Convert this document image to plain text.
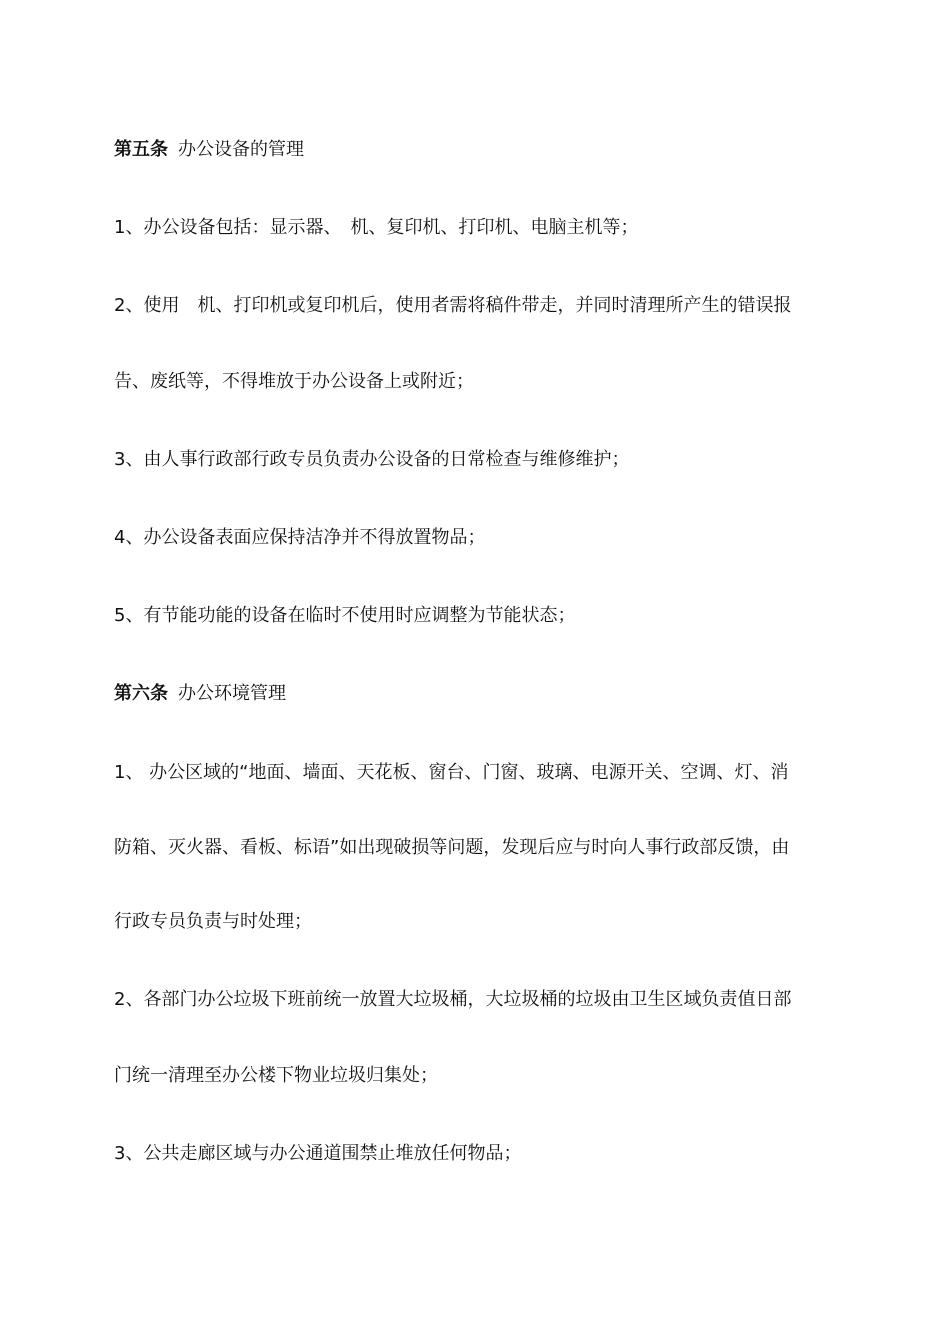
第五条 办公设备的管理
1、办公设备包括：显示器、　机、复印机、打印机、电脑主机等；
2、使用　机、打印机或复印机后，使用者需将稿件带走，并同时清理所产生的错误报
告、废纸等，不得堆放于办公设备上或附近；
3、由人事行政部行政专员负责办公设备的日常检查与维修维护；
4、办公设备表面应保持洁净并不得放置物品；
5、有节能功能的设备在临时不使用时应调整为节能状态；
第六条 办公环境管理
1、 办公区域的“地面、墙面、天花板、窗台、门窗、玻璃、电源开关、空调、灯、消
防箱、灭火器、看板、标语”如出现破损等问题，发现后应与时向人事行政部反馈，由
行政专员负责与时处理；
2、各部门办公垃圾下班前统一放置大垃圾桶，大垃圾桶的垃圾由卫生区域负责值日部
门统一清理至办公楼下物业垃圾归集处；
3、公共走廊区域与办公通道围禁止堆放任何物品；
